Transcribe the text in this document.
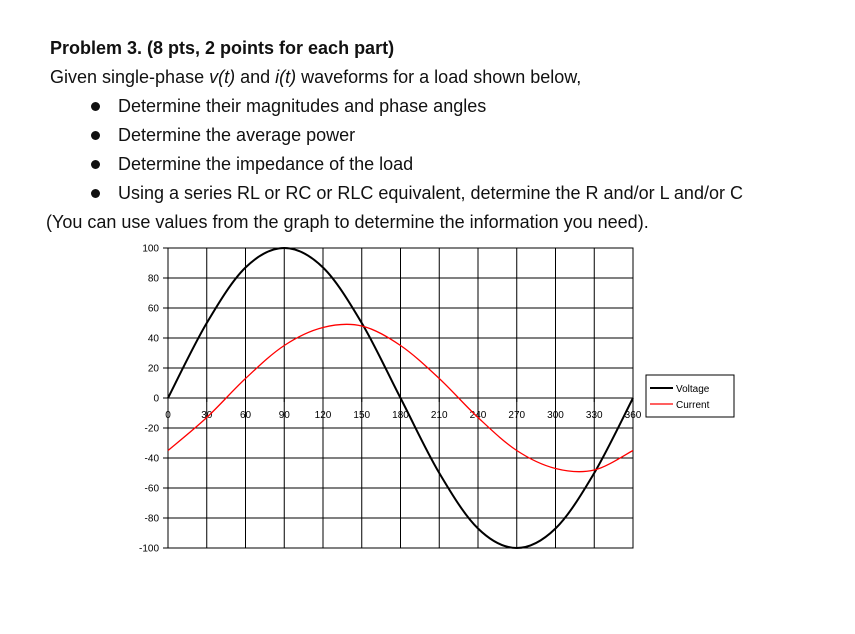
Problem 3. (8 pts, 2 points for each part)
Given single-phase v(t) and i(t) waveforms for a load shown below,
Determine their magnitudes and phase angles
Determine the average power
Determine the impedance of the load
Using a series RL or RC or RLC equivalent, determine the R and/or L and/or C
(You can use values from the graph to determine the information you need).
100
80
60
40
20
0
-20
-40
-60
-80
-100
0	30	60	90 120 150 180 210 240 270 300 330 360
Voltage
Current
